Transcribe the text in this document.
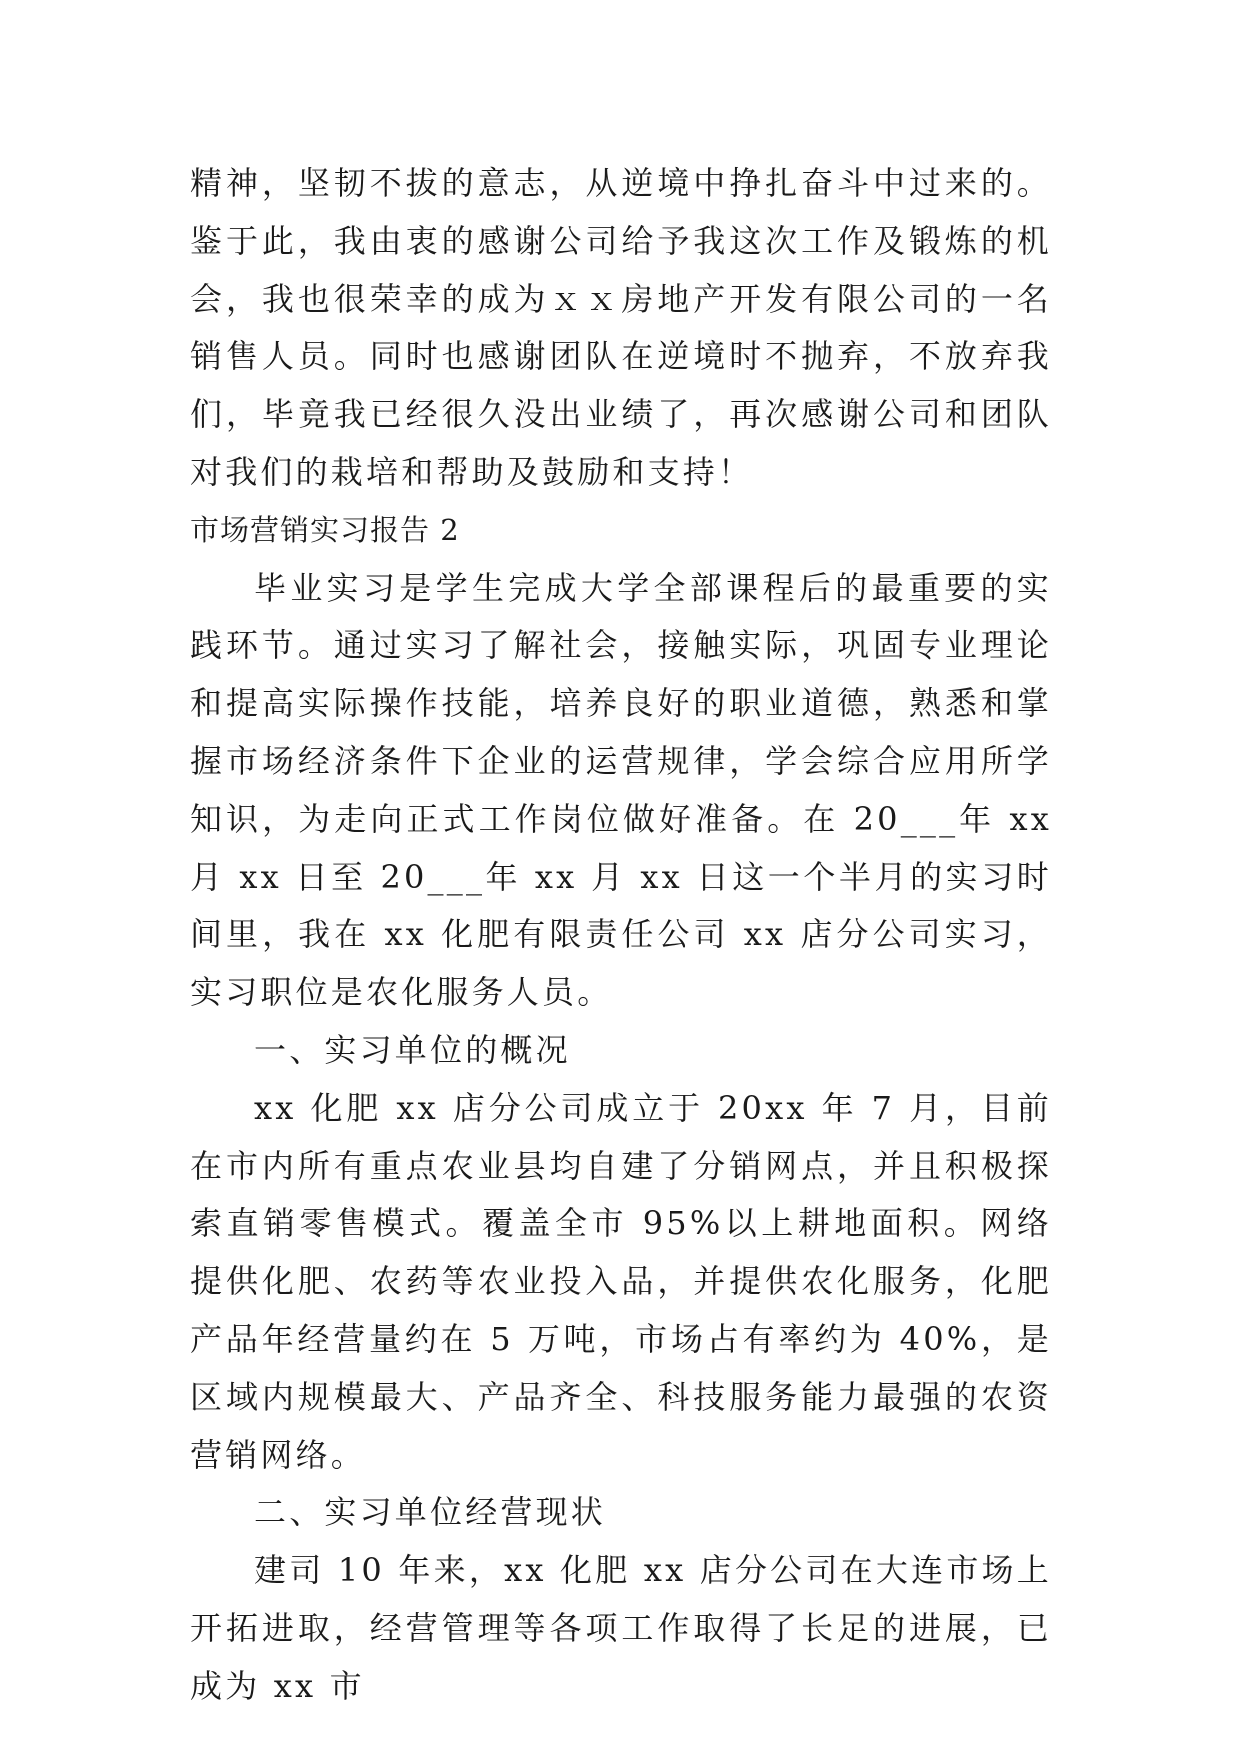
精神，坚韧不拔的意志，从逆境中挣扎奋斗中过来的。鉴于此，我由衷的感谢公司给予我这次工作及锻炼的机会，我也很荣幸的成为ｘｘ房地产开发有限公司的一名销售人员。同时也感谢团队在逆境时不抛弃，不放弃我们，毕竟我已经很久没出业绩了，再次感谢公司和团队对我们的栽培和帮助及鼓励和支持！

市场营销实习报告 2

毕业实习是学生完成大学全部课程后的最重要的实践环节。通过实习了解社会，接触实际，巩固专业理论和提高实际操作技能，培养良好的职业道德，熟悉和掌握市场经济条件下企业的运营规律，学会综合应用所学知识，为走向正式工作岗位做好准备。在 20___年 xx 月 xx 日至 20___年 xx 月 xx 日这一个半月的实习时间里，我在 xx 化肥有限责任公司 xx 店分公司实习，实习职位是农化服务人员。

一、实习单位的概况

xx 化肥 xx 店分公司成立于 20xx 年 7 月，目前在市内所有重点农业县均自建了分销网点，并且积极探索直销零售模式。覆盖全市 95%以上耕地面积。网络提供化肥、农药等农业投入品，并提供农化服务，化肥产品年经营量约在 5 万吨，市场占有率约为 40%，是区域内规模最大、产品齐全、科技服务能力最强的农资营销网络。

二、实习单位经营现状

建司 10 年来，xx 化肥 xx 店分公司在大连市场上开拓进取，经营管理等各项工作取得了长足的进展，已成为 xx 市
